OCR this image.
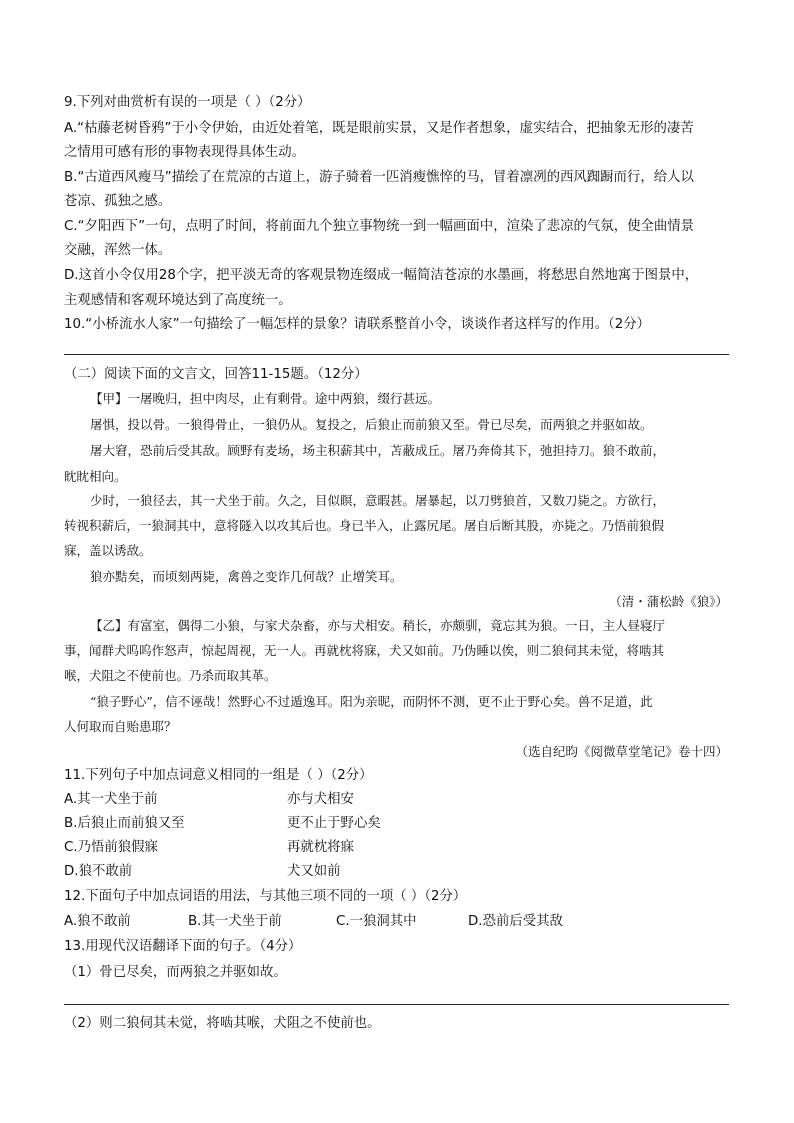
9.下列对曲赏析有误的一项是（ ）（2分）
A.“枯藤老树昏鸦”于小令伊始，由近处着笔，既是眼前实景，又是作者想象，虚实结合，把抽象无形的凄苦
之情用可感有形的事物表现得具体生动。
B.“古道西风瘦马”描绘了在荒凉的古道上，游子骑着一匹消瘦憔悴的马，冒着凛冽的西风踟蹰而行，给人以
苍凉、孤独之感。
C.“夕阳西下”一句，点明了时间，将前面九个独立事物统一到一幅画面中，渲染了悲凉的气氛，使全曲情景
交融，浑然一体。
D.这首小令仅用28个字，把平淡无奇的客观景物连缀成一幅简洁苍凉的水墨画，将愁思自然地寓于图景中，
主观感情和客观环境达到了高度统一。
10.“小桥流水人家”一句描绘了一幅怎样的景象？请联系整首小令，谈谈作者这样写的作用。（2分）
（二）阅读下面的文言文，回答11-15题。（12分）
【甲】一屠晚归，担中肉尽，止有剩骨。途中两狼，缀行甚远。
屠惧，投以骨。一狼得骨止，一狼仍从。复投之，后狼止而前狼又至。骨已尽矣，而两狼之并驱如故。
屠大窘，恐前后受其敌。顾野有麦场，场主积薪其中，苫蔽成丘。屠乃奔倚其下，弛担持刀。狼不敢前，
眈眈相向。
少时，一狼径去，其一犬坐于前。久之，目似瞑，意暇甚。屠暴起，以刀劈狼首，又数刀毙之。方欲行，
转视积薪后，一狼洞其中，意将隧入以攻其后也。身已半入，止露尻尾。屠自后断其股，亦毙之。乃悟前狼假
寐，盖以诱敌。
狼亦黠矣，而顷刻两毙，禽兽之变诈几何哉？止增笑耳。
（清・蒲松龄《狼》）
【乙】有富室，偶得二小狼，与家犬杂畜，亦与犬相安。稍长，亦颇驯，竟忘其为狼。一日，主人昼寝厅
事，闻群犬呜呜作怒声，惊起周视，无一人。再就枕将寐，犬又如前。乃伪睡以俟，则二狼伺其未觉，将啮其
喉，犬阻之不使前也。乃杀而取其革。
“狼子野心”，信不诬哉！然野心不过遁逸耳。阳为亲昵，而阴怀不测，更不止于野心矣。兽不足道，此
人何取而自贻患耶？
（选自纪昀《阅微草堂笔记》卷十四）
11.下列句子中加点词意义相同的一组是（ ）（2分）
A.其一犬坐于前	亦与犬相安
B.后狼止而前狼又至	更不止于野心矣
C.乃悟前狼假寐	再就枕将寐
D.狼不敢前	犬又如前
12.下面句子中加点词语的用法，与其他三项不同的一项（ ）（2分）
A.狼不敢前	B.其一犬坐于前	C.一狼洞其中	D.恐前后受其敌
13.用现代汉语翻译下面的句子。（4分）
（1）骨已尽矣，而两狼之并驱如故。
（2）则二狼伺其未觉，将啮其喉，犬阻之不使前也。
